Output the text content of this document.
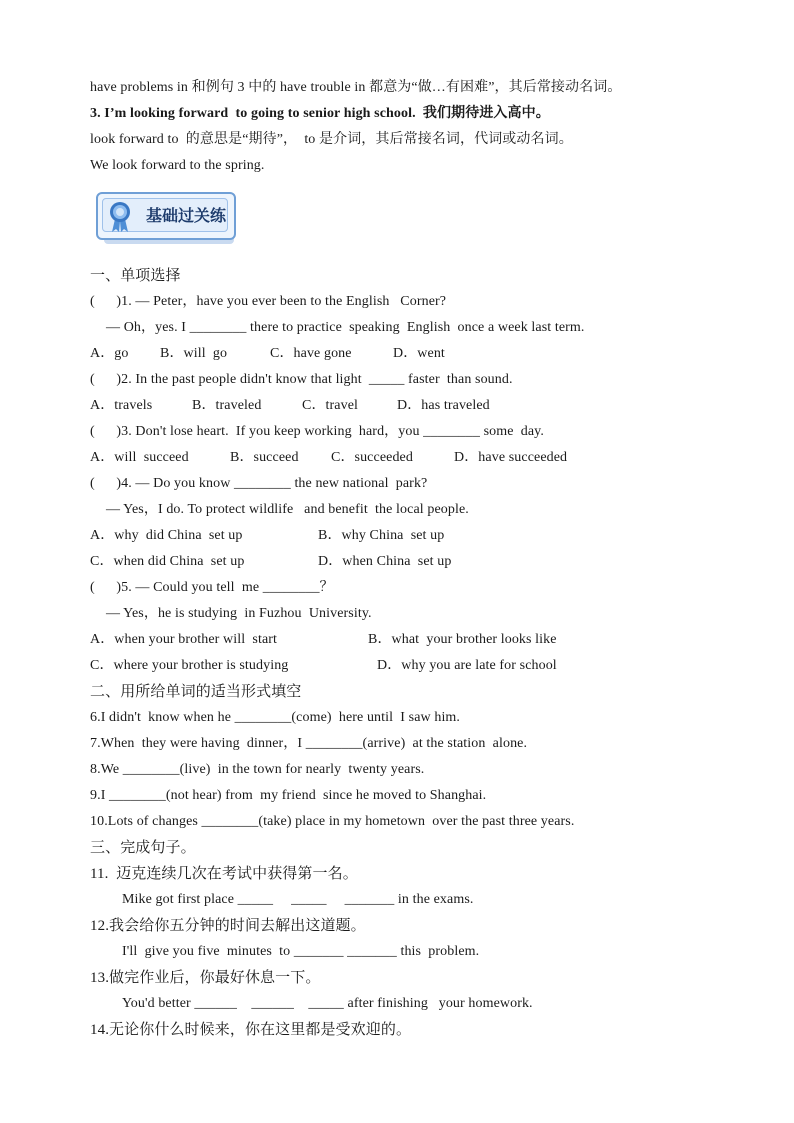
have problems in 和例句 3 中的 have trouble in 都意为“做…有困难”，其后常接动名词。
3. I’m looking forward  to going to senior high school.  我们期待进入高中。
look forward to  的意思是“期待”，  to 是介词，其后常接名词，代词或动名词。
We look forward to the spring.
基础过关练
一、单项选择
(      )1. — Peter，have you ever been to the English   Corner?
— Oh，yes. I ________ there to practice  speaking  English  once a week last term.

A．go

B．will  go

	C．have gone

	D．went

(      )2. In the past people didn't know that light  _____ faster  than sound.

A．travels

	B．traveled

	C．travel

	D．has traveled

(      )3. Don't lose heart.  If you keep working  hard，you ________ some  day.

A．will  succeed

	B．succeed

C．succeeded

	D．have succeeded

(      )4. — Do you know ________ the new national  park?
— Yes，I do. To protect wildlife   and benefit  the local people.

A．why  did China  set up

	B．why China  set up

C．when did China  set up

	D．when China  set up

(      )5. — Could you tell  me ________？
— Yes，he is studying  in Fuzhou  University.

A．when your brother will  start

	B．what  your brother looks like

C．where your brother is studying

	D．why you are late for school

二、用所给单词的适当形式填空
6.I didn't  know when he ________(come)  here until  I saw him.
7.When  they were having  dinner，I ________(arrive)  at the station  alone.
8.We ________(live)  in the town for nearly  twenty years.
9.I ________(not hear) from  my friend  since he moved to Shanghai.
10.Lots of changes ________(take) place in my hometown  over the past three years.
三、完成句子。
11.  迈克连续几次在考试中获得第一名。
Mike got first place _____     _____     _______ in the exams.
12.我会给你五分钟的时间去解出这道题。
I'll  give you five  minutes  to _______ _______ this  problem.
13.做完作业后，你最好休息一下。
You'd better ______    ______    _____ after finishing   your homework.
14.无论你什么时候来，你在这里都是受欢迎的。
